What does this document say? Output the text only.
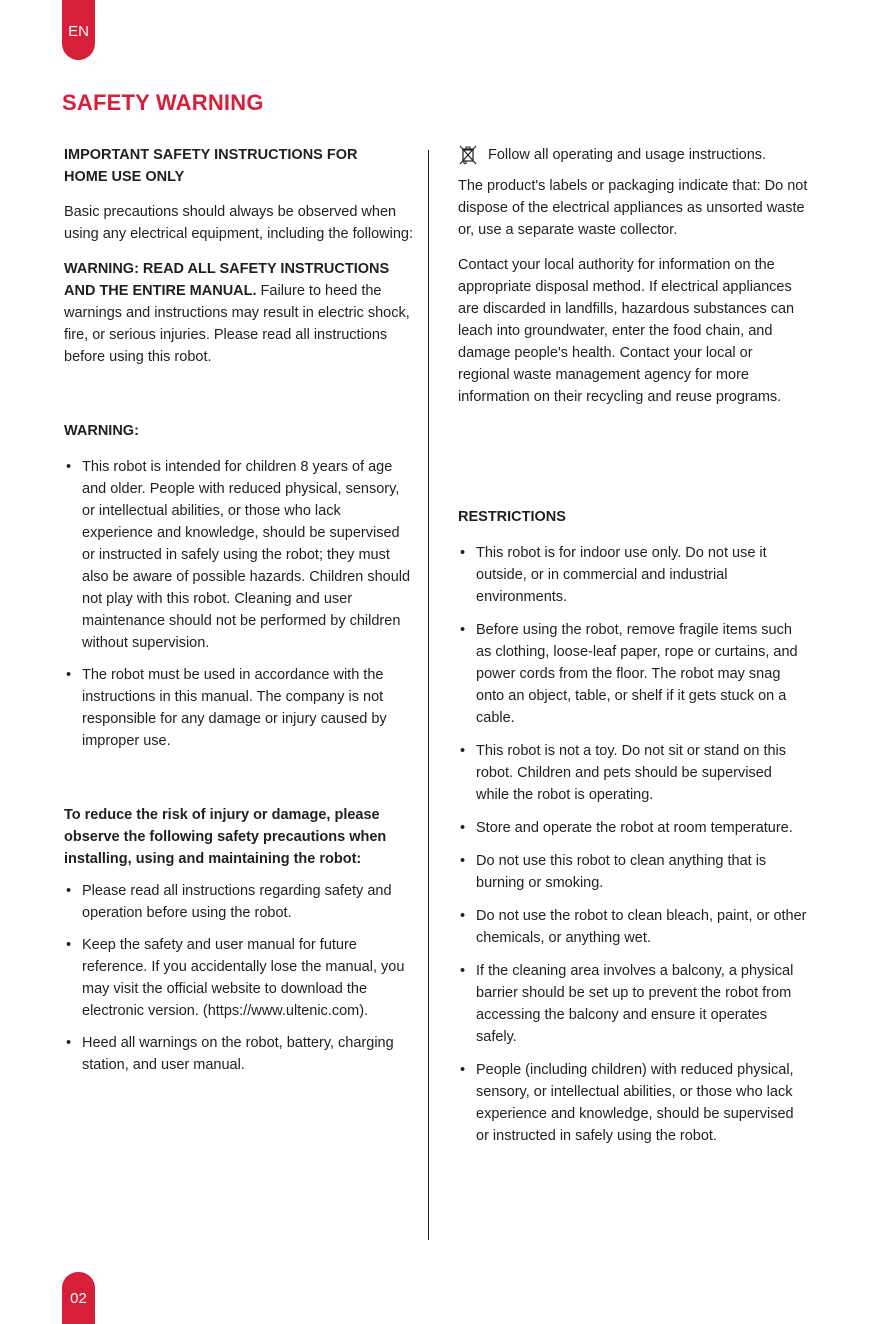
EN
SAFETY WARNING

IMPORTANT SAFETY INSTRUCTIONS FOR HOME USE ONLY

Basic precautions should always be observed when using any electrical equipment, including the following:

WARNING: READ ALL SAFETY INSTRUCTIONS AND THE ENTIRE MANUAL. Failure to heed the warnings and instructions may result in electric shock, fire, or serious injuries. Please read all instructions before using this robot.

WARNING:

• This robot is intended for children 8 years of age and older. People with reduced physical, sensory, or intellectual abilities, or those who lack experience and knowledge, should be supervised or instructed in safely using the robot; they must also be aware of possible hazards. Children should not play with this robot. Cleaning and user maintenance should not be performed by children without supervision.
• The robot must be used in accordance with the instructions in this manual. The company is not responsible for any damage or injury caused by improper use.

To reduce the risk of injury or damage, please observe the following safety precautions when installing, using and maintaining the robot:

• Please read all instructions regarding safety and operation before using the robot.
• Keep the safety and user manual for future reference. If you accidentally lose the manual, you may visit the official website to download the electronic version. (https://www.ultenic.com).
• Heed all warnings on the robot, battery, charging station, and user manual.
Follow all operating and usage instructions.

The product's labels or packaging indicate that: Do not dispose of the electrical appliances as unsorted waste or, use a separate waste collector.

Contact your local authority for information on the appropriate disposal method. If electrical appliances are discarded in landfills, hazardous substances can leach into groundwater, enter the food chain, and damage people's health. Contact your local or regional waste management agency for more information on their recycling and reuse programs.

RESTRICTIONS

• This robot is for indoor use only. Do not use it outside, or in commercial and industrial environments.
• Before using the robot, remove fragile items such as clothing, loose-leaf paper, rope or curtains, and power cords from the floor. The robot may snag onto an object, table, or shelf if it gets stuck on a cable.
• This robot is not a toy. Do not sit or stand on this robot. Children and pets should be supervised while the robot is operating.
• Store and operate the robot at room temperature.
• Do not use this robot to clean anything that is burning or smoking.
• Do not use the robot to clean bleach, paint, or other chemicals, or anything wet.
• If the cleaning area involves a balcony, a physical barrier should be set up to prevent the robot from accessing the balcony and ensure it operates safely.
• People (including children) with reduced physical, sensory, or intellectual abilities, or those who lack experience and knowledge, should be supervised or instructed in safely using the robot.
02
